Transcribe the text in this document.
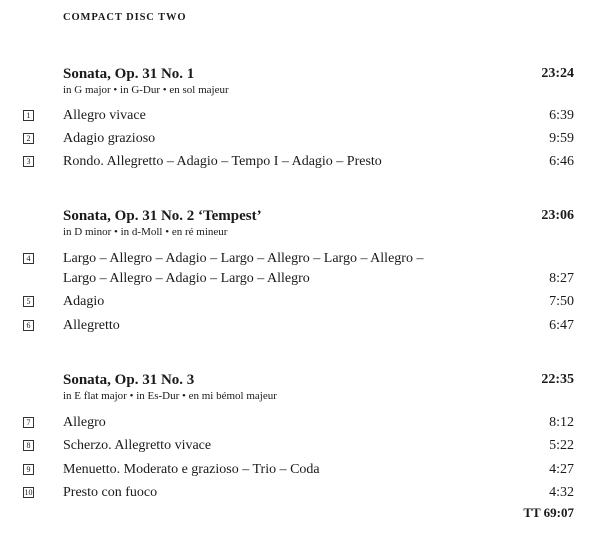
COMPACT DISC TWO
Sonata, Op. 31 No. 1	23:24
in G major • in G-Dur • en sol majeur
1 Allegro vivace	6:39
2 Adagio grazioso	9:59
3 Rondo. Allegretto – Adagio – Tempo I – Adagio – Presto	6:46
Sonata, Op. 31 No. 2 ‘Tempest’	23:06
in D minor • in d-Moll • en ré mineur
4 Largo – Allegro – Adagio – Largo – Allegro – Largo – Allegro –
Largo – Allegro – Adagio – Largo – Allegro	8:27
5 Adagio	7:50
6 Allegretto	6:47
Sonata, Op. 31 No. 3	22:35
in E flat major • in Es-Dur • en mi bémol majeur
7 Allegro	8:12
8 Scherzo. Allegretto vivace	5:22
9 Menuetto. Moderato e grazioso – Trio – Coda	4:27
10 Presto con fuoco	4:32
TT 69:07
